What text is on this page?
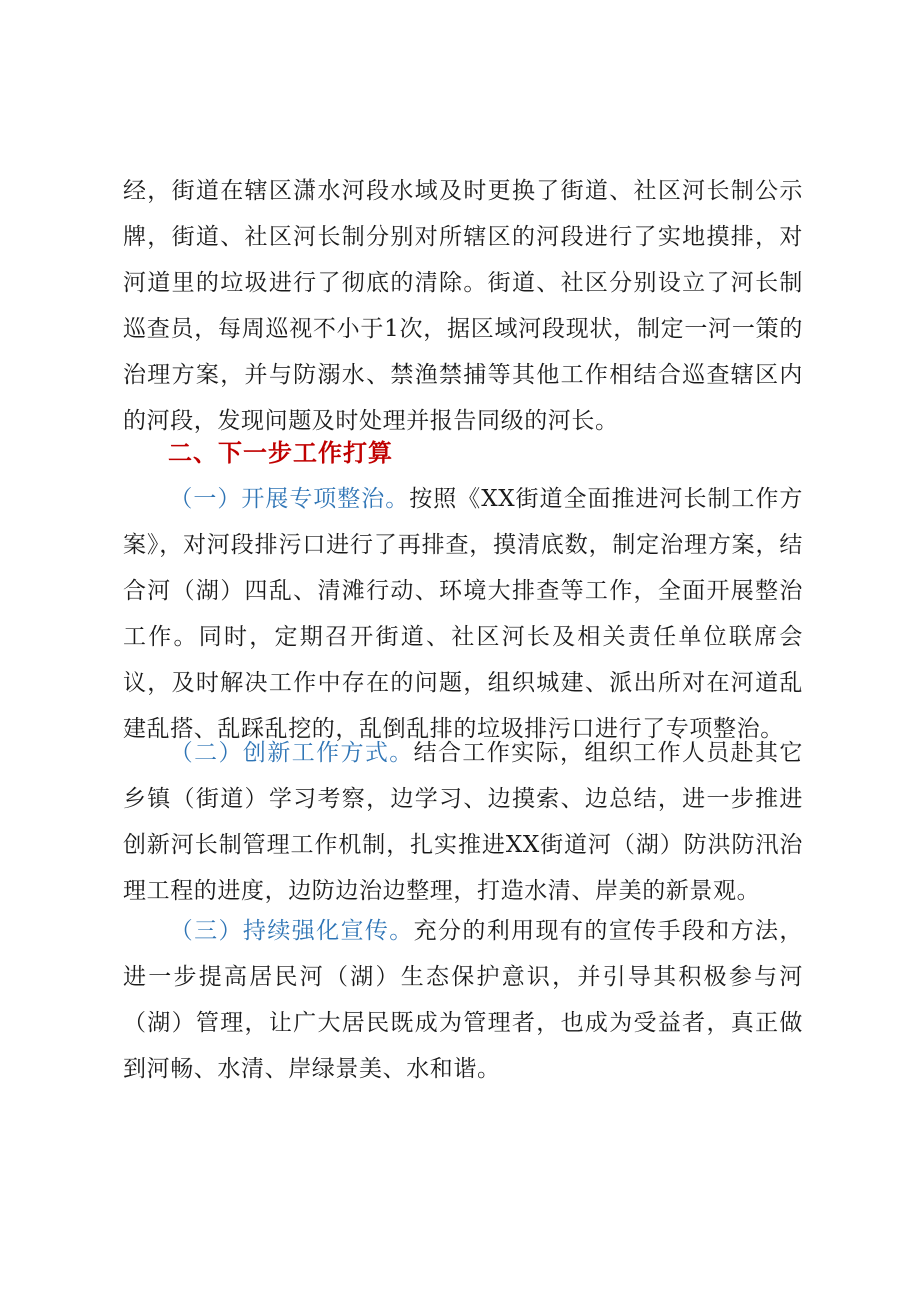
经，街道在辖区潇水河段水域及时更换了街道、社区河长制公示牌，街道、社区河长制分别对所辖区的河段进行了实地摸排，对河道里的垃圾进行了彻底的清除。街道、社区分别设立了河长制巡查员，每周巡视不小于1次，据区域河段现状，制定一河一策的治理方案，并与防溺水、禁渔禁捕等其他工作相结合巡查辖区内的河段，发现问题及时处理并报告同级的河长。

二、下一步工作打算

（一）开展专项整治。按照《XX街道全面推进河长制工作方案》，对河段排污口进行了再排查，摸清底数，制定治理方案，结合河（湖）四乱、清滩行动、环境大排查等工作，全面开展整治工作。同时，定期召开街道、社区河长及相关责任单位联席会议，及时解决工作中存在的问题，组织城建、派出所对在河道乱建乱搭、乱踩乱挖的，乱倒乱排的垃圾排污口进行了专项整治。

（二）创新工作方式。结合工作实际，组织工作人员赴其它乡镇（街道）学习考察，边学习、边摸索、边总结，进一步推进创新河长制管理工作机制，扎实推进XX街道河（湖）防洪防汛治理工程的进度，边防边治边整理，打造水清、岸美的新景观。

（三）持续强化宣传。充分的利用现有的宣传手段和方法，进一步提高居民河（湖）生态保护意识，并引导其积极参与河（湖）管理，让广大居民既成为管理者，也成为受益者，真正做到河畅、水清、岸绿景美、水和谐。
